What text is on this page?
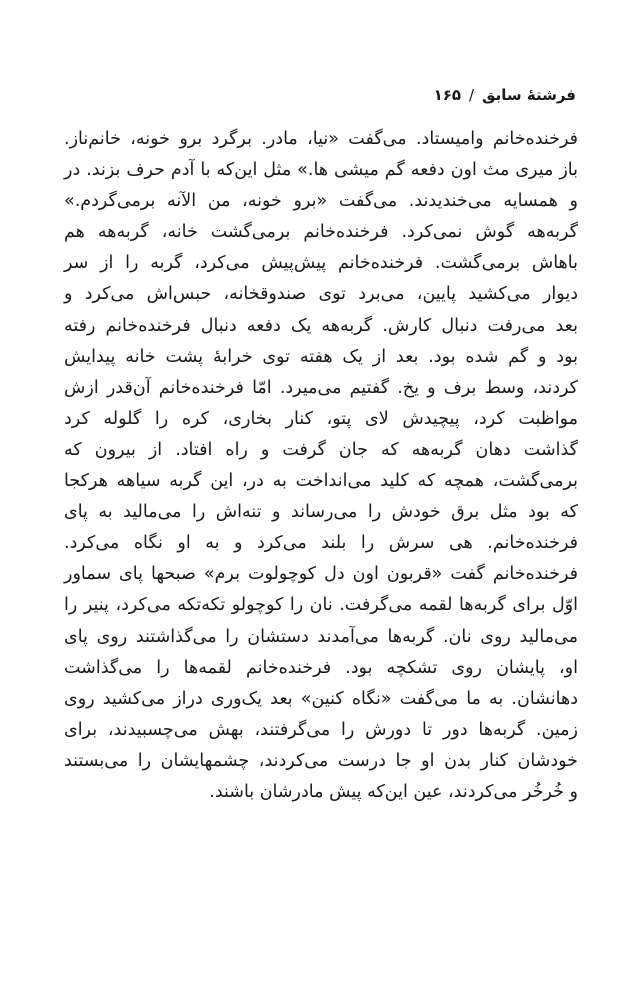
فرشتهٔ سابق/۱۶۵
فرخنده‌خانم وامیستاد. می‌گفت «نیا، مادر. برگرد برو خونه، خانم‌ناز.
باز میری مث اون دفعه گم میشی ها.» مثل این‌که با آدم حرف بزند. در
و همسایه می‌خندیدند. می‌گفت «برو خونه، من الآنه برمی‌گردم.»
گربه‌هه گوش نمی‌کرد. فرخنده‌خانم برمی‌گشت خانه، گربه‌هه هم
باهاش برمی‌گشت. فرخنده‌خانم پیش‌پیش می‌کرد، گربه را از سر
دیوار می‌کشید پایین، می‌برد توی صندوقخانه، حبس‌اش می‌کرد و
بعد می‌رفت دنبال کارش. گربه‌هه یک دفعه دنبال فرخنده‌خانم رفته
بود و گم شده بود. بعد از یک هفته توی خرابهٔ پشت خانه پیدایش
کردند، وسط برف و یخ. گفتیم می‌میرد. امّا فرخنده‌خانم آن‌قدر ازش
مواظبت کرد، پیچیدش لای پتو، کنار بخاری، کره را گلوله کرد
گذاشت دهان گربه‌هه که جان گرفت و راه افتاد. از بیرون که
برمی‌گشت، همچه که کلید می‌انداخت به در، این گربه سیاهه هرکجا
که بود مثل برق خودش را می‌رساند و تنه‌اش را می‌مالید به پای
فرخنده‌خانم. هی سرش را بلند می‌کرد و به او نگاه می‌کرد.
فرخنده‌خانم گفت «قربون اون دل کوچولوت برم» صبحها پای سماور
اوّل برای گربه‌ها لقمه می‌گرفت. نان را کوچولو تکه‌تکه می‌کرد، پنیر را
می‌مالید روی نان. گربه‌ها می‌آمدند دستشان را می‌گذاشتند روی پای
او، پایشان روی تشکچه بود. فرخنده‌خانم لقمه‌ها را می‌گذاشت
دهانشان. به ما می‌گفت «نگاه کنین» بعد یک‌وری دراز می‌کشید روی
زمین. گربه‌ها دور تا دورش را می‌گرفتند، بهش می‌چسبیدند، برای
خودشان کنار بدن او جا درست می‌کردند، چشمهایشان را می‌بستند
و خُرخُر می‌کردند، عین این‌که پیش مادرشان باشند.
